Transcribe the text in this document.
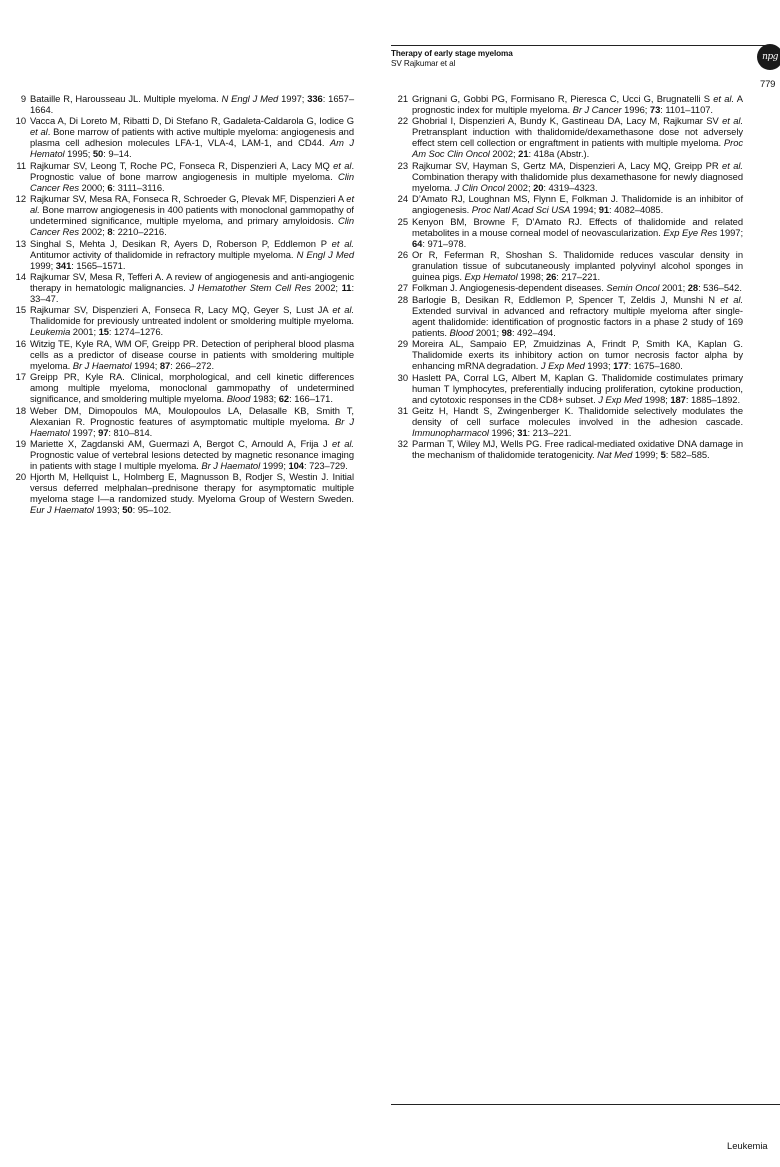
Therapy of early stage myeloma
SV Rajkumar et al
npg
779
9 Bataille R, Harousseau JL. Multiple myeloma. N Engl J Med 1997; 336: 1657–1664.
10 Vacca A, Di Loreto M, Ribatti D, Di Stefano R, Gadaleta-Caldarola G, Iodice G et al. Bone marrow of patients with active multiple myeloma: angiogenesis and plasma cell adhesion molecules LFA-1, VLA-4, LAM-1, and CD44. Am J Hematol 1995; 50: 9–14.
11 Rajkumar SV, Leong T, Roche PC, Fonseca R, Dispenzieri A, Lacy MQ et al. Prognostic value of bone marrow angiogenesis in multiple myeloma. Clin Cancer Res 2000; 6: 3111–3116.
12 Rajkumar SV, Mesa RA, Fonseca R, Schroeder G, Plevak MF, Dispenzieri A et al. Bone marrow angiogenesis in 400 patients with monoclonal gammopathy of undetermined significance, multiple myeloma, and primary amyloidosis. Clin Cancer Res 2002; 8: 2210–2216.
13 Singhal S, Mehta J, Desikan R, Ayers D, Roberson P, Eddlemon P et al. Antitumor activity of thalidomide in refractory multiple myeloma. N Engl J Med 1999; 341: 1565–1571.
14 Rajkumar SV, Mesa R, Tefferi A. A review of angiogenesis and anti-angiogenic therapy in hematologic malignancies. J Hematother Stem Cell Res 2002; 11: 33–47.
15 Rajkumar SV, Dispenzieri A, Fonseca R, Lacy MQ, Geyer S, Lust JA et al. Thalidomide for previously untreated indolent or smoldering multiple myeloma. Leukemia 2001; 15: 1274–1276.
16 Witzig TE, Kyle RA, WM OF, Greipp PR. Detection of peripheral blood plasma cells as a predictor of disease course in patients with smoldering multiple myeloma. Br J Haematol 1994; 87: 266–272.
17 Greipp PR, Kyle RA. Clinical, morphological, and cell kinetic differences among multiple myeloma, monoclonal gammopathy of undetermined significance, and smoldering multiple myeloma. Blood 1983; 62: 166–171.
18 Weber DM, Dimopoulos MA, Moulopoulos LA, Delasalle KB, Smith T, Alexanian R. Prognostic features of asymptomatic multiple myeloma. Br J Haematol 1997; 97: 810–814.
19 Mariette X, Zagdanski AM, Guermazi A, Bergot C, Arnould A, Frija J et al. Prognostic value of vertebral lesions detected by magnetic resonance imaging in patients with stage I multiple myeloma. Br J Haematol 1999; 104: 723–729.
20 Hjorth M, Hellquist L, Holmberg E, Magnusson B, Rodjer S, Westin J. Initial versus deferred melphalan–prednisone therapy for asymptomatic multiple myeloma stage I—a randomized study. Myeloma Group of Western Sweden. Eur J Haematol 1993; 50: 95–102.
21 Grignani G, Gobbi PG, Formisano R, Pieresca C, Ucci G, Brugnatelli S et al. A prognostic index for multiple myeloma. Br J Cancer 1996; 73: 1101–1107.
22 Ghobrial I, Dispenzieri A, Bundy K, Gastineau DA, Lacy M, Rajkumar SV et al. Pretransplant induction with thalidomide/dexamethasone dose not adversely effect stem cell collection or engraftment in patients with multiple myeloma. Proc Am Soc Clin Oncol 2002; 21: 418a (Abstr.).
23 Rajkumar SV, Hayman S, Gertz MA, Dispenzieri A, Lacy MQ, Greipp PR et al. Combination therapy with thalidomide plus dexamethasone for newly diagnosed myeloma. J Clin Oncol 2002; 20: 4319–4323.
24 D’Amato RJ, Loughnan MS, Flynn E, Folkman J. Thalidomide is an inhibitor of angiogenesis. Proc Natl Acad Sci USA 1994; 91: 4082–4085.
25 Kenyon BM, Browne F, D’Amato RJ. Effects of thalidomide and related metabolites in a mouse corneal model of neovascularization. Exp Eye Res 1997; 64: 971–978.
26 Or R, Feferman R, Shoshan S. Thalidomide reduces vascular density in granulation tissue of subcutaneously implanted polyvinyl alcohol sponges in guinea pigs. Exp Hematol 1998; 26: 217–221.
27 Folkman J. Angiogenesis-dependent diseases. Semin Oncol 2001; 28: 536–542.
28 Barlogie B, Desikan R, Eddlemon P, Spencer T, Zeldis J, Munshi N et al. Extended survival in advanced and refractory multiple myeloma after single-agent thalidomide: identification of prognostic factors in a phase 2 study of 169 patients. Blood 2001; 98: 492–494.
29 Moreira AL, Sampaio EP, Zmuidzinas A, Frindt P, Smith KA, Kaplan G. Thalidomide exerts its inhibitory action on tumor necrosis factor alpha by enhancing mRNA degradation. J Exp Med 1993; 177: 1675–1680.
30 Haslett PA, Corral LG, Albert M, Kaplan G. Thalidomide costimulates primary human T lymphocytes, preferentially inducing proliferation, cytokine production, and cytotoxic responses in the CD8+ subset. J Exp Med 1998; 187: 1885–1892.
31 Geitz H, Handt S, Zwingenberger K. Thalidomide selectively modulates the density of cell surface molecules involved in the adhesion cascade. Immunopharmacol 1996; 31: 213–221.
32 Parman T, Wiley MJ, Wells PG. Free radical-mediated oxidative DNA damage in the mechanism of thalidomide teratogenicity. Nat Med 1999; 5: 582–585.
Leukemia
